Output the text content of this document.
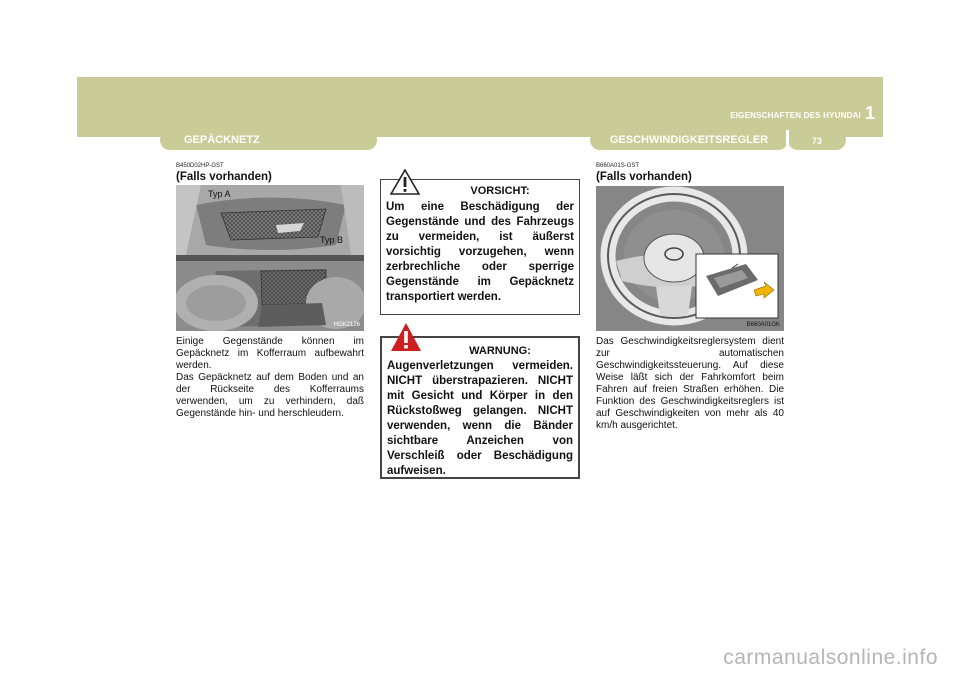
EIGENSCHAFTEN DES HYUNDAI 1
GEPÄCKNETZ	GESCHWINDIGKEITSREGLER	73
B450D02HP-GST
(Falls vorhanden)
Typ A
Typ B
HGK2126

Einige Gegenstände können im Gepäcknetz im Kofferraum aufbewahrt werden.

Das Gepäcknetz auf dem Boden und an der Rückseite des Kofferraums verwenden, um zu verhindern, daß Gegenstände hin- und herschleudern.

VORSICHT:
Um eine Beschädigung der Gegenstände und des Fahrzeugs zu vermeiden, ist äußerst vorsichtig vorzugehen, wenn zerbrechliche oder sperrige Gegenstände im Gepäcknetz transportiert werden.
WARNUNG:
Augenverletzungen vermeiden. NICHT überstrapazieren. NICHT mit Gesicht und Körper in den Rückstoßweg gelangen. NICHT verwenden, wenn die Bänder sichtbare Anzeichen von Verschleiß oder Beschädigung aufweisen.
B660A01S-GST
(Falls vorhanden)
B660A01GK

Das Geschwindigkeitsreglersystem dient zur automatischen Geschwindigkeitssteuerung. Auf diese Weise läßt sich der Fahrkomfort beim Fahren auf freien Straßen erhöhen. Die Funktion des Geschwindigkeitsreglers ist auf Geschwindigkeiten von mehr als 40 km/h ausgerichtet.

carmanualsonline.info
